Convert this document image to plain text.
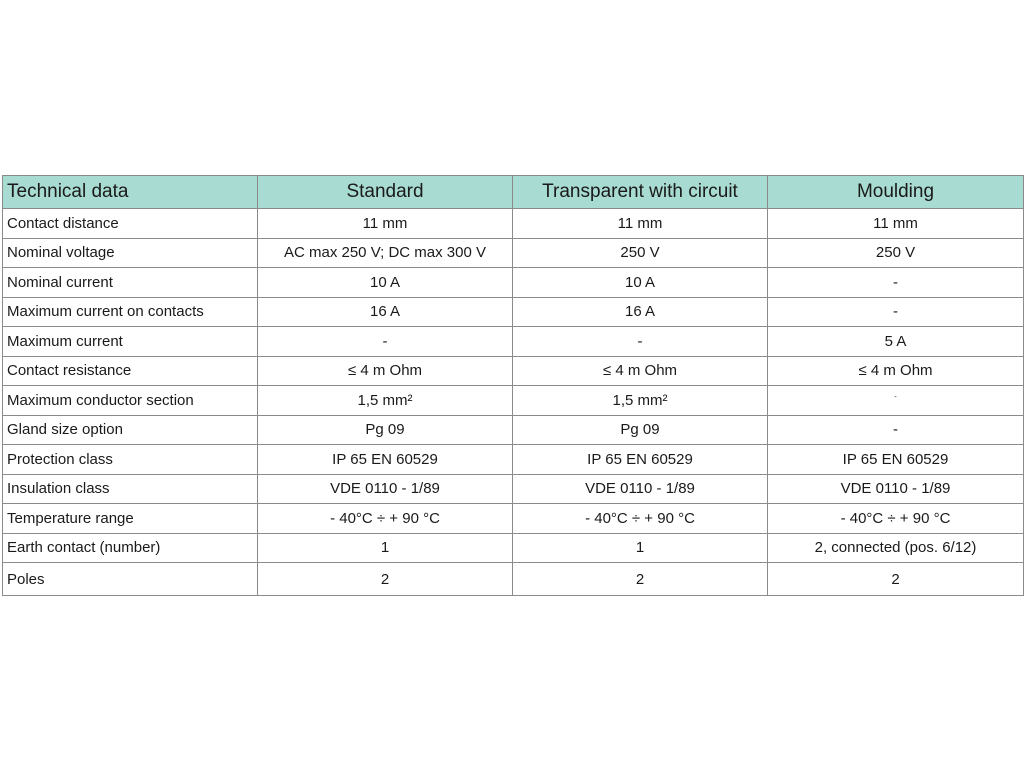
Technical data	Standard	Transparent with circuit	Moulding
Contact distance	11 mm	11 mm	11 mm
Nominal voltage	AC max 250 V; DC max 300 V	250 V	250 V
Nominal current	10 A	10 A	-
Maximum current on contacts	16 A	16 A	-
Maximum current	-	-	5 A
Contact resistance	≤ 4 m Ohm	≤ 4 m Ohm	≤ 4 m Ohm
Maximum conductor section	1,5 mm²	1,5 mm²	-
Gland size option	Pg 09	Pg 09	-
Protection class	IP 65 EN 60529	IP 65 EN 60529	IP 65 EN 60529
Insulation class	VDE 0110 - 1/89	VDE 0110 - 1/89	VDE 0110 - 1/89
Temperature range	- 40°C ÷ + 90 °C	- 40°C ÷ + 90 °C	- 40°C ÷ + 90 °C
Earth contact (number)	1	1	2, connected (pos. 6/12)
Poles	2	2	2
